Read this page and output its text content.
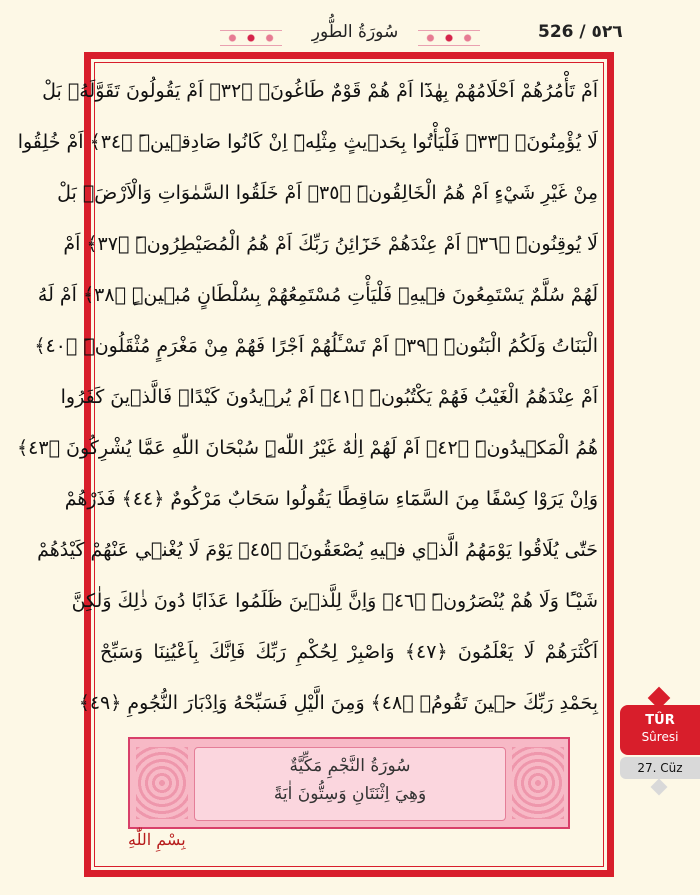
سُورَةُ الطُّورِ	526 / ٥٢٦
اَمْ تَأْمُرُهُمْ اَحْلَامُهُمْ بِهٰذَٓا اَمْ هُمْ قَوْمٌ طَاغُونَۚ ﴿٣٢﴾ اَمْ يَقُولُونَ تَقَوَّلَهُۚ بَلْ
لَا يُؤْمِنُونَۚ ﴿٣٣﴾ فَلْيَأْتُوا بِحَد۪يثٍ مِثْلِه۪ٓ اِنْ كَانُوا صَادِق۪ينَۜ ﴿٣٤﴾ اَمْ خُلِقُوا
مِنْ غَيْرِ شَيْءٍ اَمْ هُمُ الْخَالِقُونَۜ ﴿٣٥﴾ اَمْ خَلَقُوا السَّمٰوَاتِ وَالْاَرْضَۚ بَلْ
لَا يُوقِنُونَۜ ﴿٣٦﴾ اَمْ عِنْدَهُمْ خَزَٓائِنُ رَبِّكَ اَمْ هُمُ الْمُصَيْطِرُونَۜ ﴿٣٧﴾ اَمْ
لَهُمْ سُلَّمٌ يَسْتَمِعُونَ ف۪يهِۚ فَلْيَأْتِ مُسْتَمِعُهُمْ بِسُلْطَانٍ مُب۪ينٍۜ ﴿٣٨﴾ اَمْ لَهُ
الْبَنَاتُ وَلَكُمُ الْبَنُونَۜ ﴿٣٩﴾ اَمْ تَسْـَٔلُهُمْ اَجْرًا فَهُمْ مِنْ مَغْرَمٍ مُثْقَلُونَۜ ﴿٤٠﴾
اَمْ عِنْدَهُمُ الْغَيْبُ فَهُمْ يَكْتُبُونَۜ ﴿٤١﴾ اَمْ يُر۪يدُونَ كَيْدًاۜ فَالَّذ۪ينَ كَفَرُوا
هُمُ الْمَك۪يدُونَۜ ﴿٤٢﴾ اَمْ لَهُمْ اِلٰهٌ غَيْرُ اللّٰهِۜ سُبْحَانَ اللّٰهِ عَمَّا يُشْرِكُونَ ﴿٤٣﴾
وَاِنْ يَرَوْا كِسْفًا مِنَ السَّمَٓاءِ سَاقِطًا يَقُولُوا سَحَابٌ مَرْكُومٌ ﴿٤٤﴾ فَذَرْهُمْ
حَتّٰى يُلَاقُوا يَوْمَهُمُ الَّذ۪ي ف۪يهِ يُصْعَقُونَۙ ﴿٤٥﴾ يَوْمَ لَا يُغْن۪ي عَنْهُمْ كَيْدُهُمْ
شَيْـًٔا وَلَا هُمْ يُنْصَرُونَۜ ﴿٤٦﴾ وَاِنَّ لِلَّذ۪ينَ ظَلَمُوا عَذَابًا دُونَ ذٰلِكَ وَلٰكِنَّ
اَكْثَرَهُمْ لَا يَعْلَمُونَ ﴿٤٧﴾ وَاصْبِرْ لِحُكْمِ رَبِّكَ فَاِنَّكَ بِاَعْيُنِنَا وَسَبِّحْ
بِحَمْدِ رَبِّكَ ح۪ينَ تَقُومُۙ ﴿٤٨﴾ وَمِنَ الَّيْلِ فَسَبِّحْهُ وَاِدْبَارَ النُّجُومِ ﴿٤٩﴾
سُورَةُ النَّجْمِ مَكِّيَّةٌ
وَهِيَ اِثْنَتَانِ وَسِتُّونَ اٰيَةً
بِسْمِ اللّٰهِ
TÛR
Sûresi
27. Cüz
